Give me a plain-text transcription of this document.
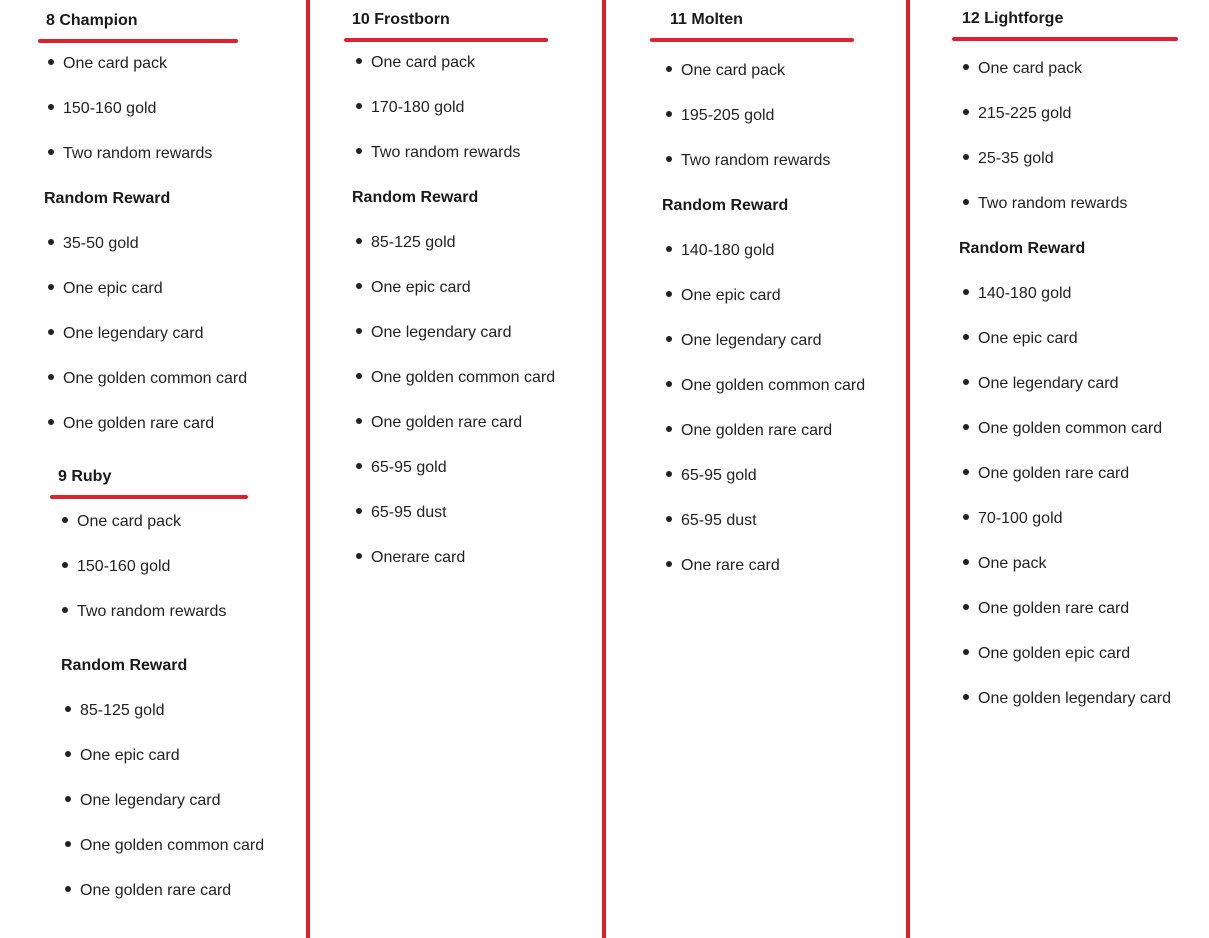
8 Champion
One card pack
150-160 gold
Two random rewards
Random Reward
35-50 gold
One epic card
One legendary card
One golden common card
One golden rare card
9 Ruby
One card pack
150-160 gold
Two random rewards
Random Reward
85-125 gold
One epic card
One legendary card
One golden common card
One golden rare card
10 Frostborn
One card pack
170-180 gold
Two random rewards
Random Reward
85-125 gold
One epic card
One legendary card
One golden common card
One golden rare card
65-95 gold
65-95 dust
Onerare card
11 Molten
One card pack
195-205 gold
Two random rewards
Random Reward
140-180 gold
One epic card
One legendary card
One golden common card
One golden rare card
65-95 gold
65-95 dust
One rare card
12 Lightforge
One card pack
215-225 gold
25-35 gold
Two random rewards
Random Reward
140-180 gold
One epic card
One legendary card
One golden common card
One golden rare card
70-100 gold
One pack
One golden rare card
One golden epic card
One golden legendary card
